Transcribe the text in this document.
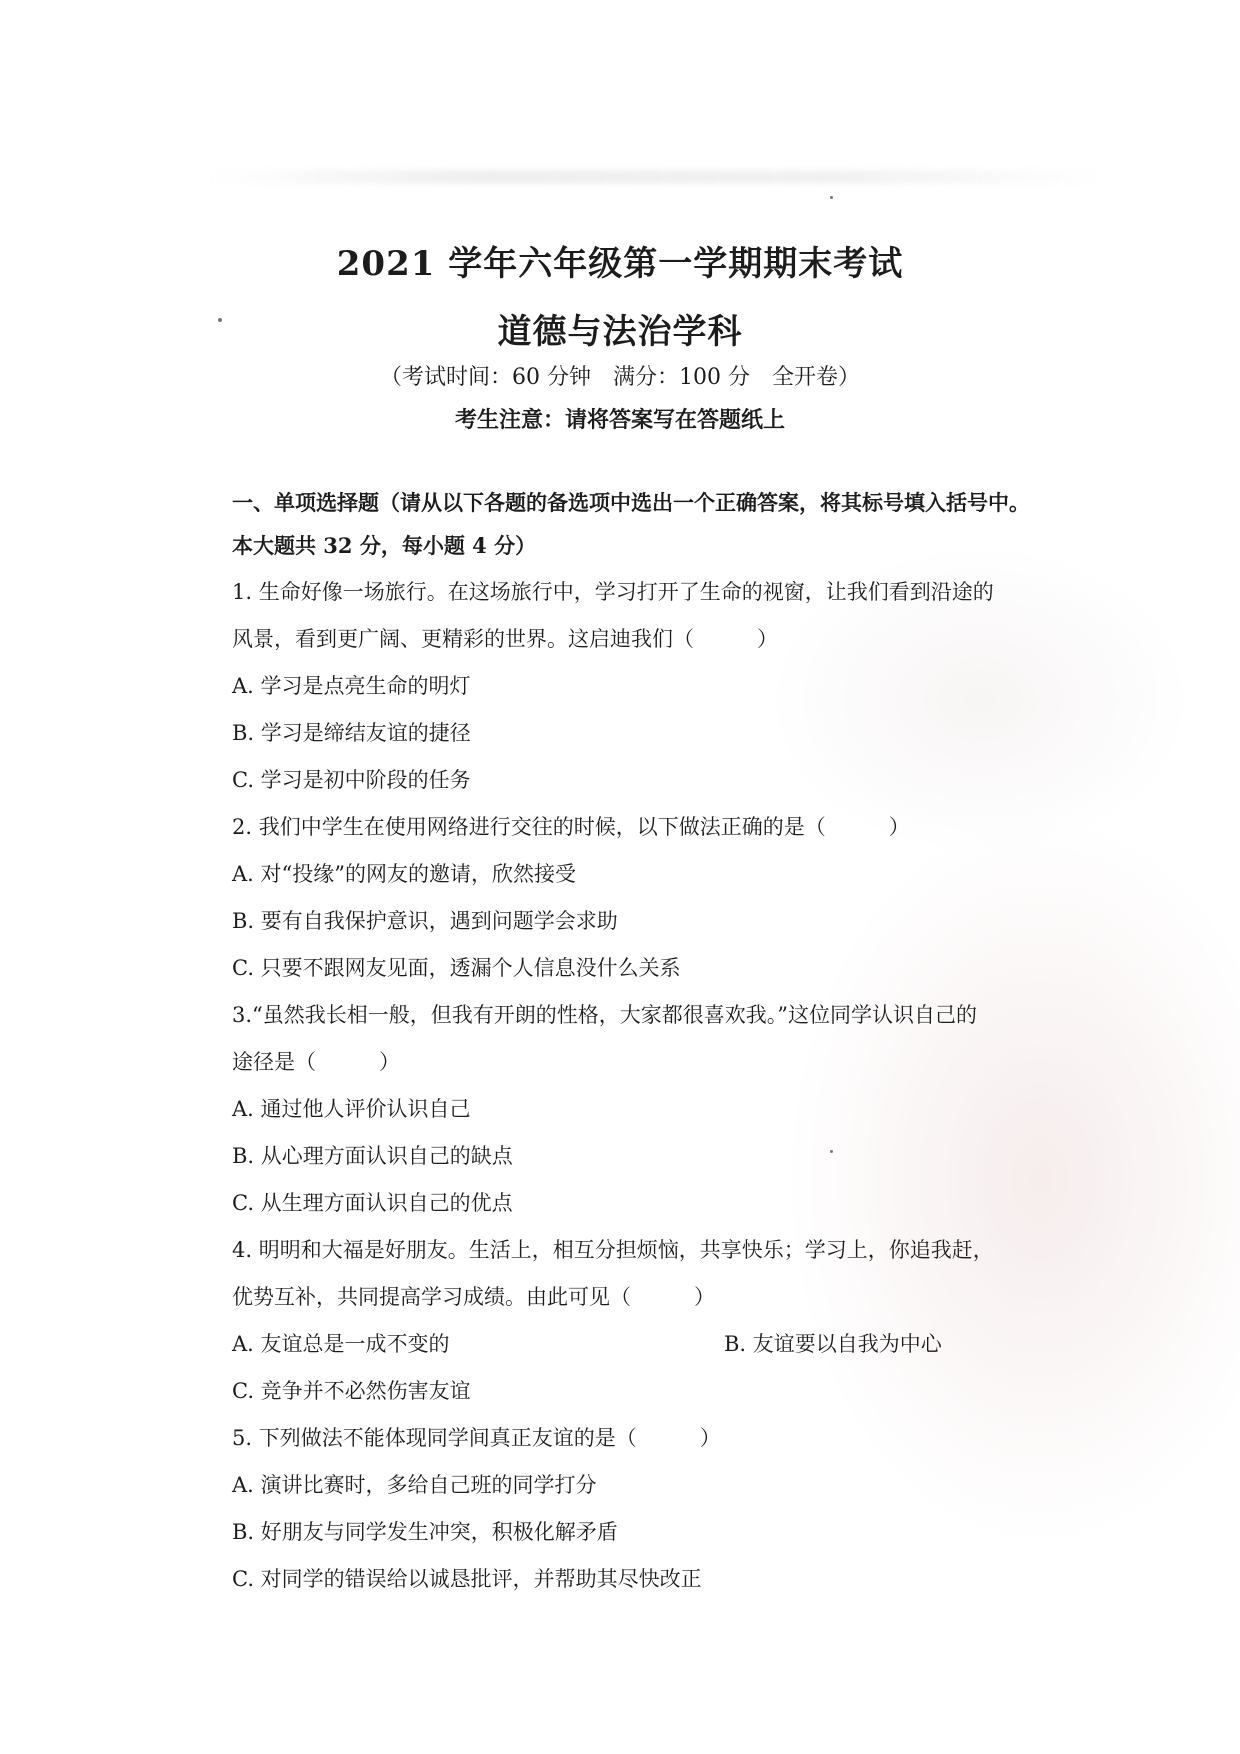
2021 学年六年级第一学期期末考试
道德与法治学科
（考试时间：60 分钟　满分：100 分　全开卷）
考生注意：请将答案写在答题纸上
一、单项选择题（请从以下各题的备选项中选出一个正确答案，将其标号填入括号中。
本大题共 32 分，每小题 4 分）
1. 生命好像一场旅行。在这场旅行中，学习打开了生命的视窗，让我们看到沿途的
风景，看到更广阔、更精彩的世界。这启迪我们（　　　）
A. 学习是点亮生命的明灯
B. 学习是缔结友谊的捷径
C. 学习是初中阶段的任务
2. 我们中学生在使用网络进行交往的时候，以下做法正确的是（　　　）
A. 对“投缘”的网友的邀请，欣然接受
B. 要有自我保护意识，遇到问题学会求助
C. 只要不跟网友见面，透漏个人信息没什么关系
3.“虽然我长相一般，但我有开朗的性格，大家都很喜欢我。”这位同学认识自己的
途径是（　　　）
A. 通过他人评价认识自己
B. 从心理方面认识自己的缺点
C. 从生理方面认识自己的优点
4. 明明和大福是好朋友。生活上，相互分担烦恼，共享快乐；学习上，你追我赶，
优势互补，共同提高学习成绩。由此可见（　　　）
A. 友谊总是一成不变的	B. 友谊要以自我为中心
C. 竞争并不必然伤害友谊
5. 下列做法不能体现同学间真正友谊的是（　　　）
A. 演讲比赛时，多给自己班的同学打分
B. 好朋友与同学发生冲突，积极化解矛盾
C. 对同学的错误给以诚恳批评，并帮助其尽快改正
